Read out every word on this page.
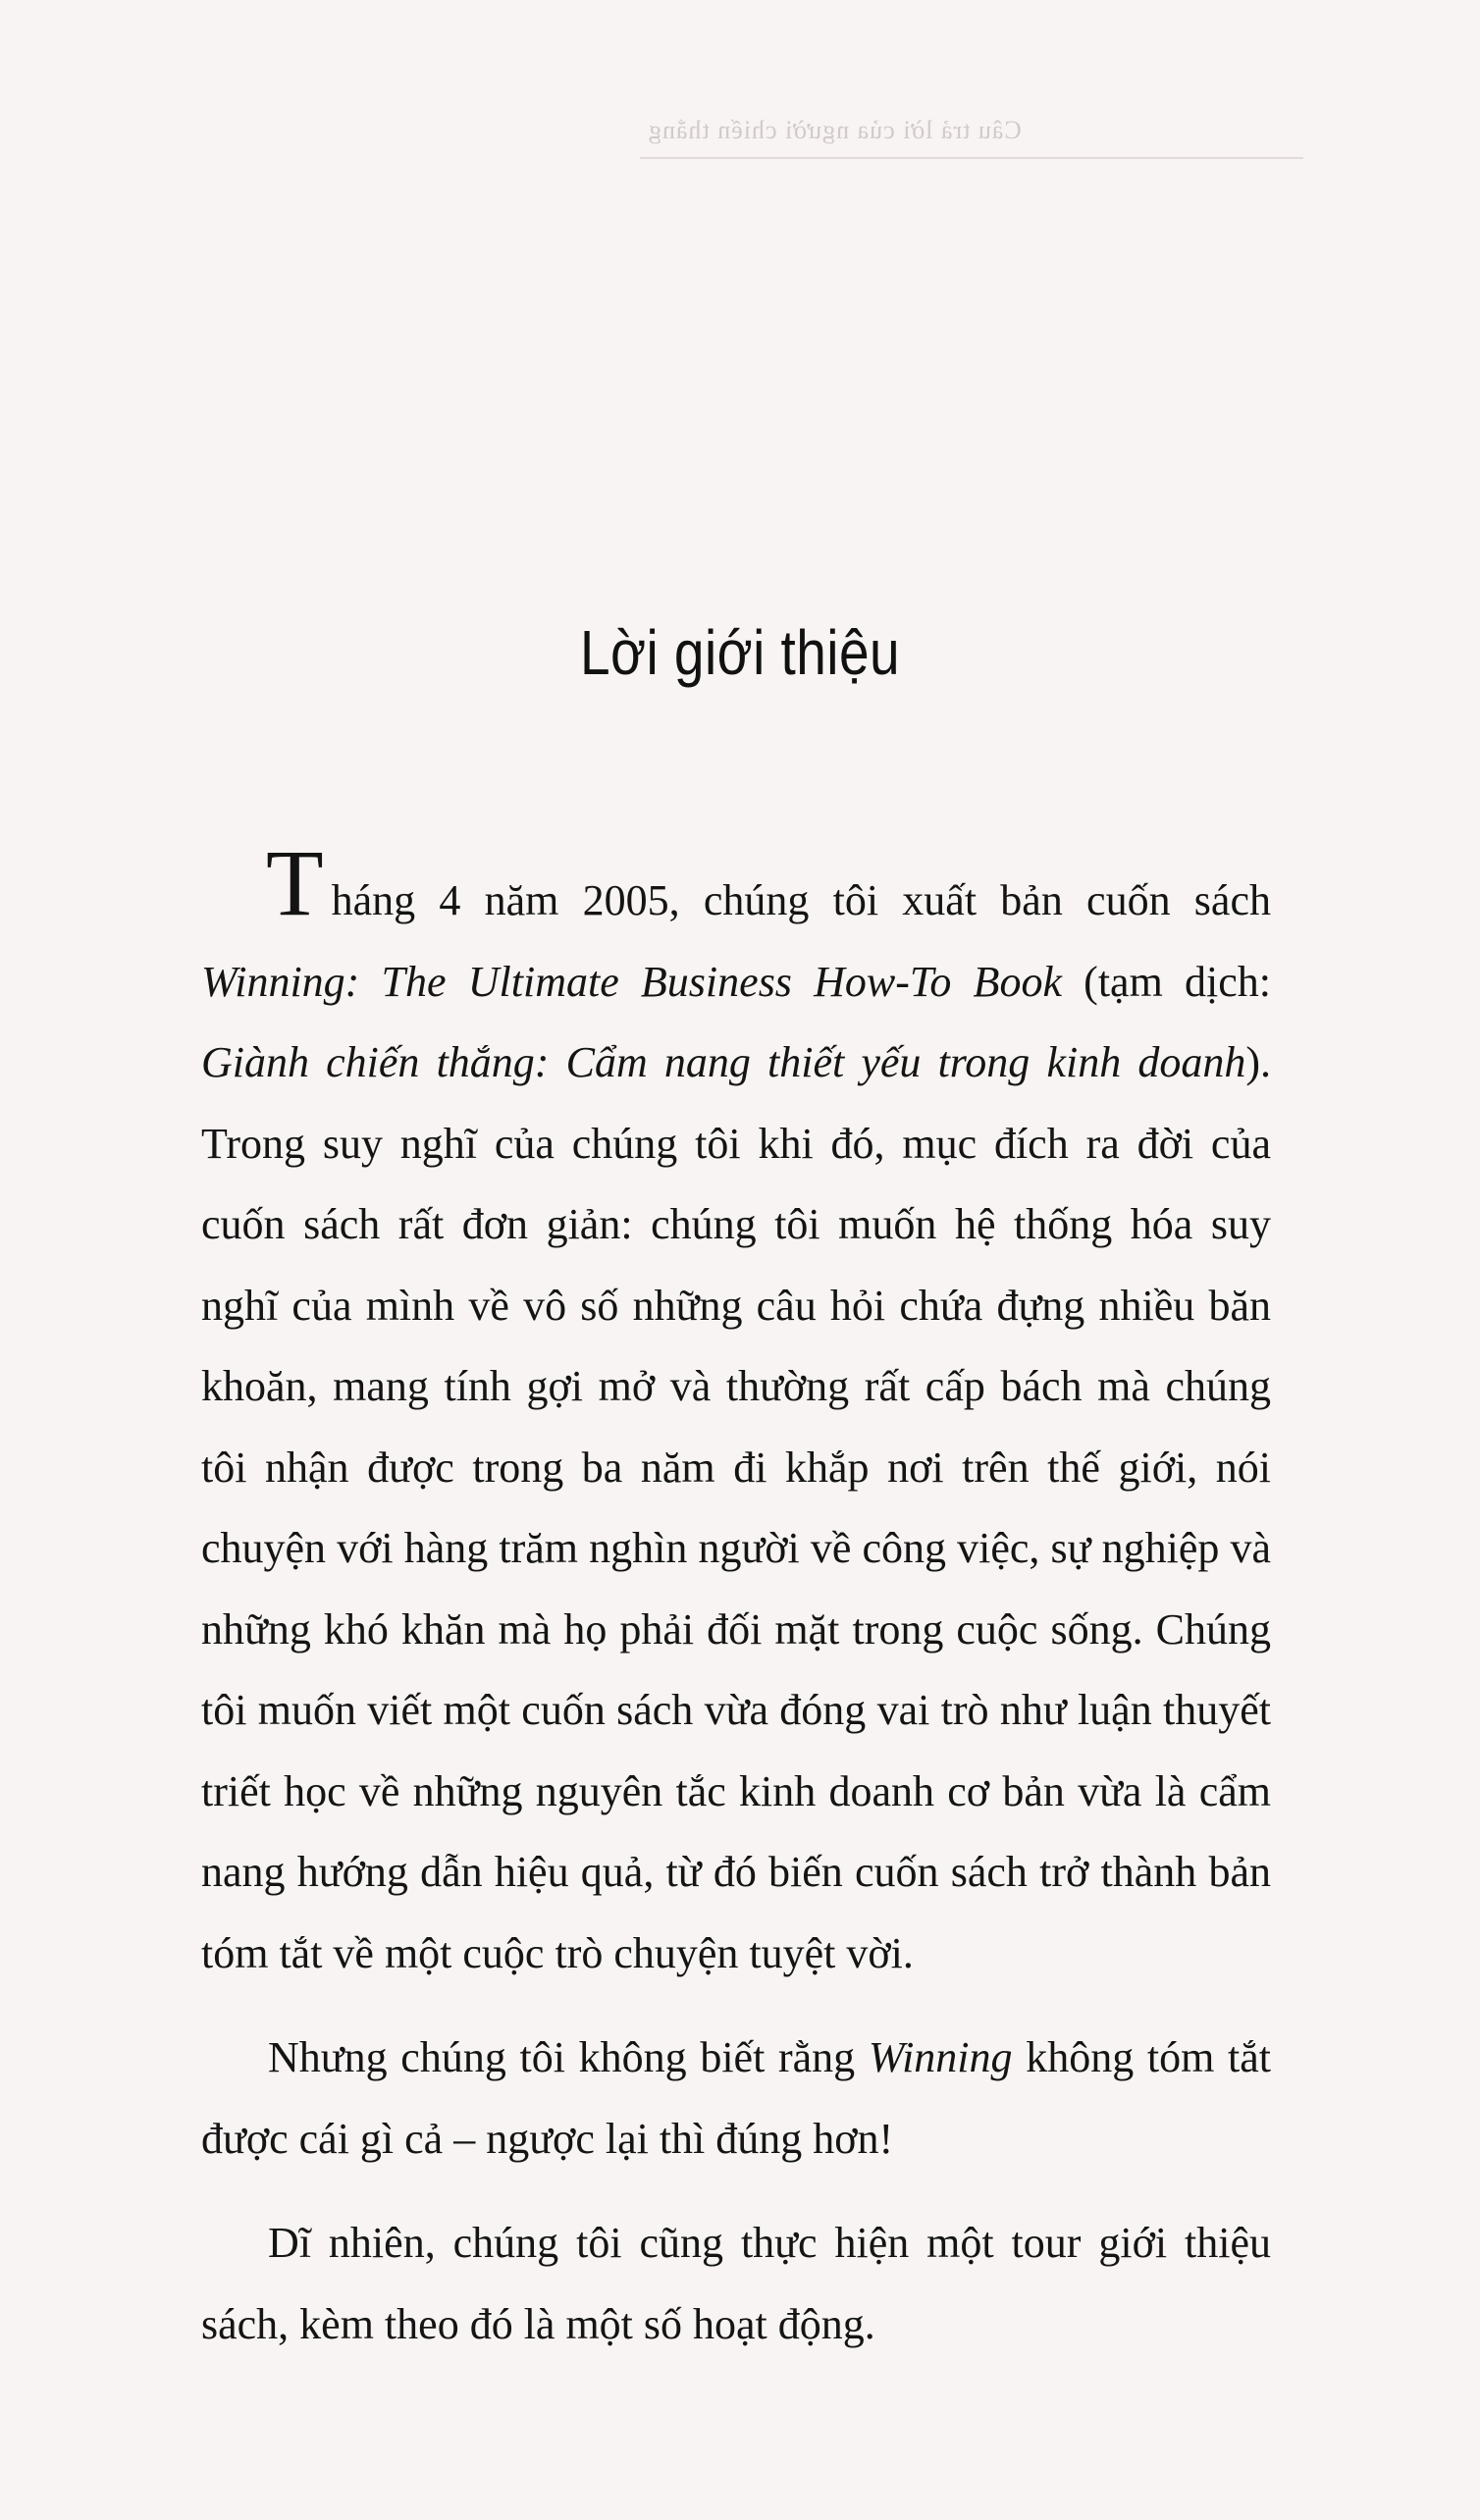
Câu trả lời của người chiến thắng
Lời giới thiệu

Tháng 4 năm 2005, chúng tôi xuất bản cuốn sách Winning: The Ultimate Business How-To Book (tạm dịch: Giành chiến thắng: Cẩm nang thiết yếu trong kinh doanh). Trong suy nghĩ của chúng tôi khi đó, mục đích ra đời của cuốn sách rất đơn giản: chúng tôi muốn hệ thống hóa suy nghĩ của mình về vô số những câu hỏi chứa đựng nhiều băn khoăn, mang tính gợi mở và thường rất cấp bách mà chúng tôi nhận được trong ba năm đi khắp nơi trên thế giới, nói chuyện với hàng trăm nghìn người về công việc, sự nghiệp và những khó khăn mà họ phải đối mặt trong cuộc sống. Chúng tôi muốn viết một cuốn sách vừa đóng vai trò như luận thuyết triết học về những nguyên tắc kinh doanh cơ bản vừa là cẩm nang hướng dẫn hiệu quả, từ đó biến cuốn sách trở thành bản tóm tắt về một cuộc trò chuyện tuyệt vời.

Nhưng chúng tôi không biết rằng Winning không tóm tắt được cái gì cả – ngược lại thì đúng hơn!

Dĩ nhiên, chúng tôi cũng thực hiện một tour giới thiệu sách, kèm theo đó là một số hoạt động.
